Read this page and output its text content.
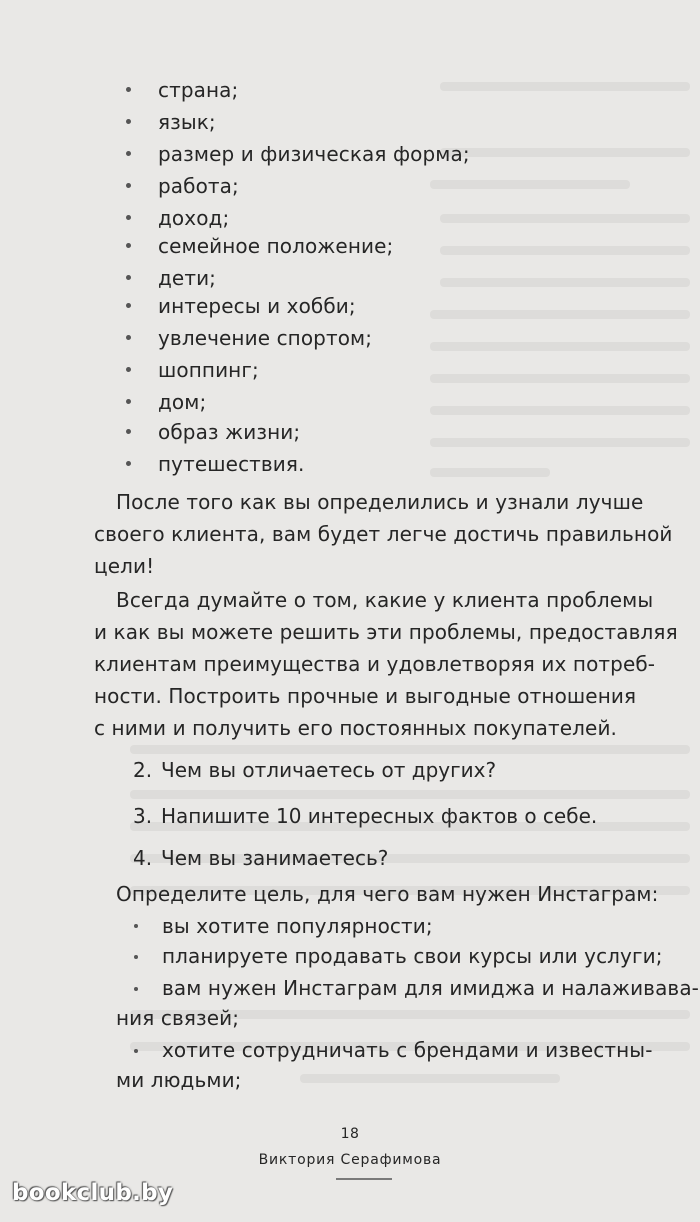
страна;
язык;
размер и физическая форма;
работа;
доход;
семейное положение;
дети;
интересы и хобби;
увлечение спортом;
шоппинг;
дом;
образ жизни;
путешествия.
После того как вы определились и узнали лучше
своего клиента, вам будет легче достичь правильной
цели!
Всегда думайте о том, какие у клиента проблемы
и как вы можете решить эти проблемы, предоставляя
клиентам преимущества и удовлетворяя их потреб-
ности. Построить прочные и выгодные отношения
с ними и получить его постоянных покупателей.
2. Чем вы отличаетесь от других?
3. Напишите 10 интересных фактов о себе.
4. Чем вы занимаетесь?
Определите цель, для чего вам нужен Инстаграм:
вы хотите популярности;
планируете продавать свои курсы или услуги;
вам нужен Инстаграм для имиджа и налаживава-
ния связей;
хотите сотрудничать с брендами и известны-
ми людьми;
18
Виктория Серафимова
bookclub.by
